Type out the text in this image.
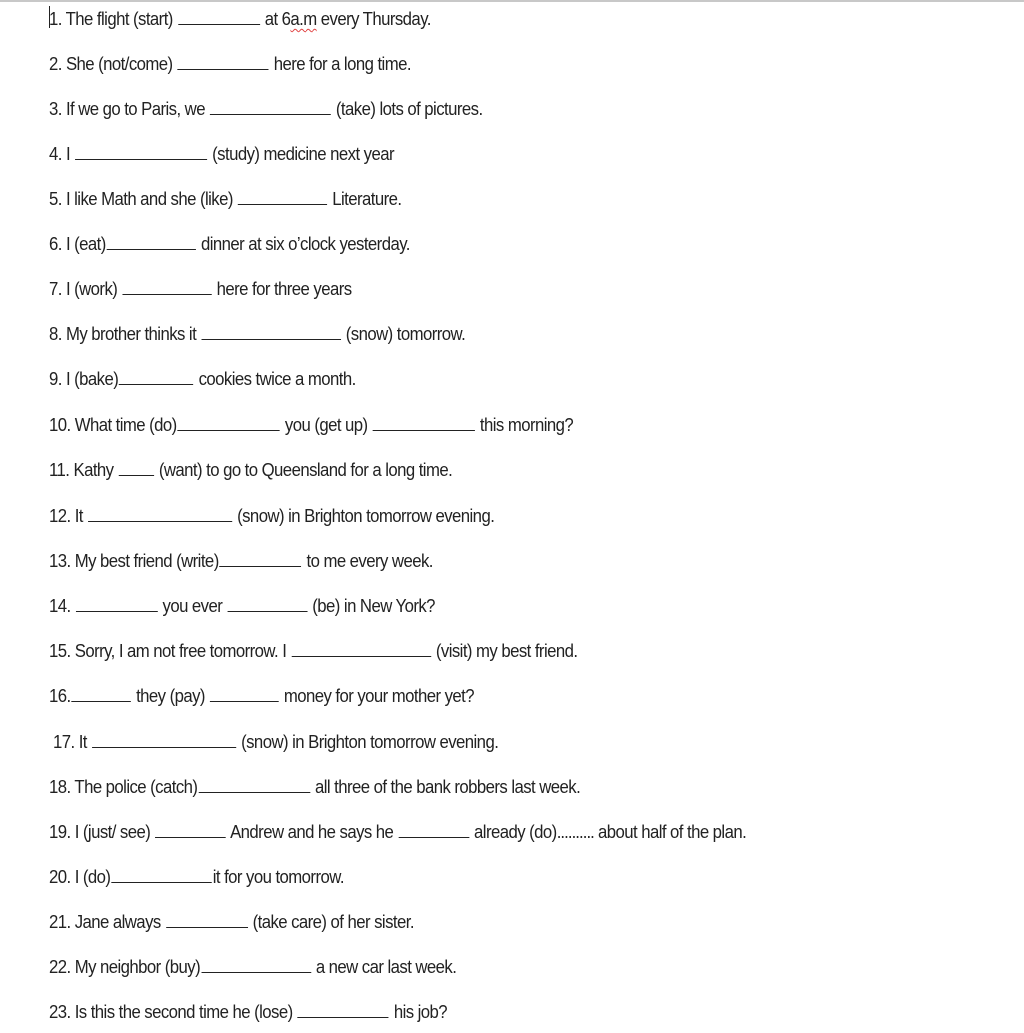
1. The flight (start)	at 6a.m every Thursday.
2. She (not/come)	here for a long time.
3. If we go to Paris, we	(take) lots of pictures.
4. I	(study) medicine next year
5. I like Math and she (like)	Literature.
6. I (eat)	dinner at six o’clock yesterday.
7. I (work)	here for three years
8. My brother thinks it	(snow) tomorrow.
9. I (bake)	cookies twice a month.
10. What time (do)	you (get up)	this morning?
11. Kathy	(want) to go to Queensland for a long time.
12. It	(snow) in Brighton tomorrow evening.
13. My best friend (write)	to me every week.
14.	you ever	(be) in New York?
15. Sorry, I am not free tomorrow. I	(visit) my best friend.
16.	they (pay)	money for your mother yet?
17. It	(snow) in Brighton tomorrow evening.
18. The police (catch)	all three of the bank robbers last week.
19. I (just/ see)	Andrew and he says he	already (do).......... about half of the plan.
20. I (do)	it for you tomorrow.
21. Jane always	(take care) of her sister.
22. My neighbor (buy)	a new car last week.
23. Is this the second time he (lose)	his job?
